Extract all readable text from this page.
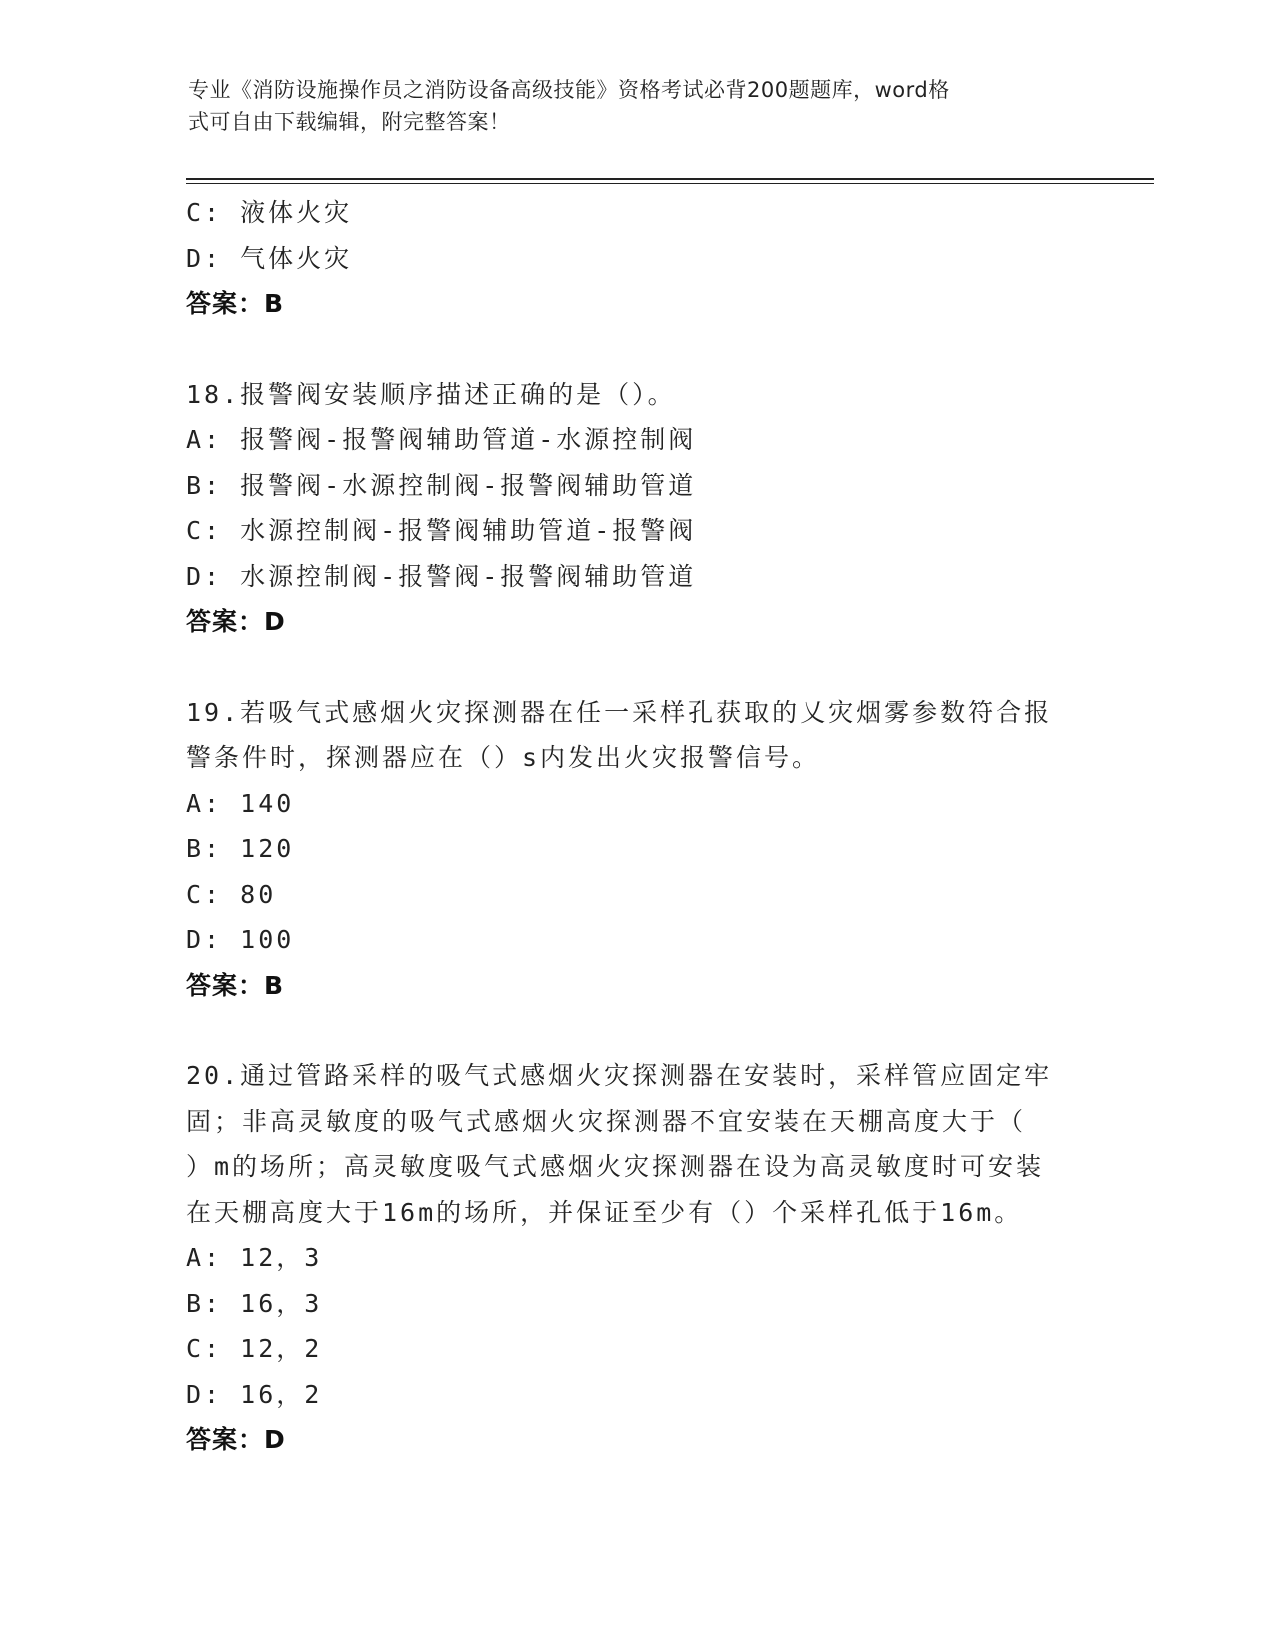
专业《消防设施操作员之消防设备高级技能》资格考试必背200题题库，word格
式可自由下载编辑，附完整答案！
C: 液体火灾
D: 气体火灾
答案：B
18.报警阀安装顺序描述正确的是（）。
A: 报警阀-报警阀辅助管道-水源控制阀
B: 报警阀-水源控制阀-报警阀辅助管道
C: 水源控制阀-报警阀辅助管道-报警阀
D: 水源控制阀-报警阀-报警阀辅助管道
答案：D
19.若吸气式感烟火灾探测器在任一采样孔获取的乂灾烟雾参数符合报
警条件时，探测器应在（）s内发出火灾报警信号。
A: 140
B: 120
C: 80
D: 100
答案：B
20.通过管路采样的吸气式感烟火灾探测器在安装时，采样管应固定牢
固；非高灵敏度的吸气式感烟火灾探测器不宜安装在天棚高度大于（
）m的场所；高灵敏度吸气式感烟火灾探测器在设为高灵敏度时可安装
在天棚高度大于16m的场所，并保证至少有（）个采样孔低于16m。
A: 12，3
B: 16，3
C: 12，2
D: 16，2
答案：D
